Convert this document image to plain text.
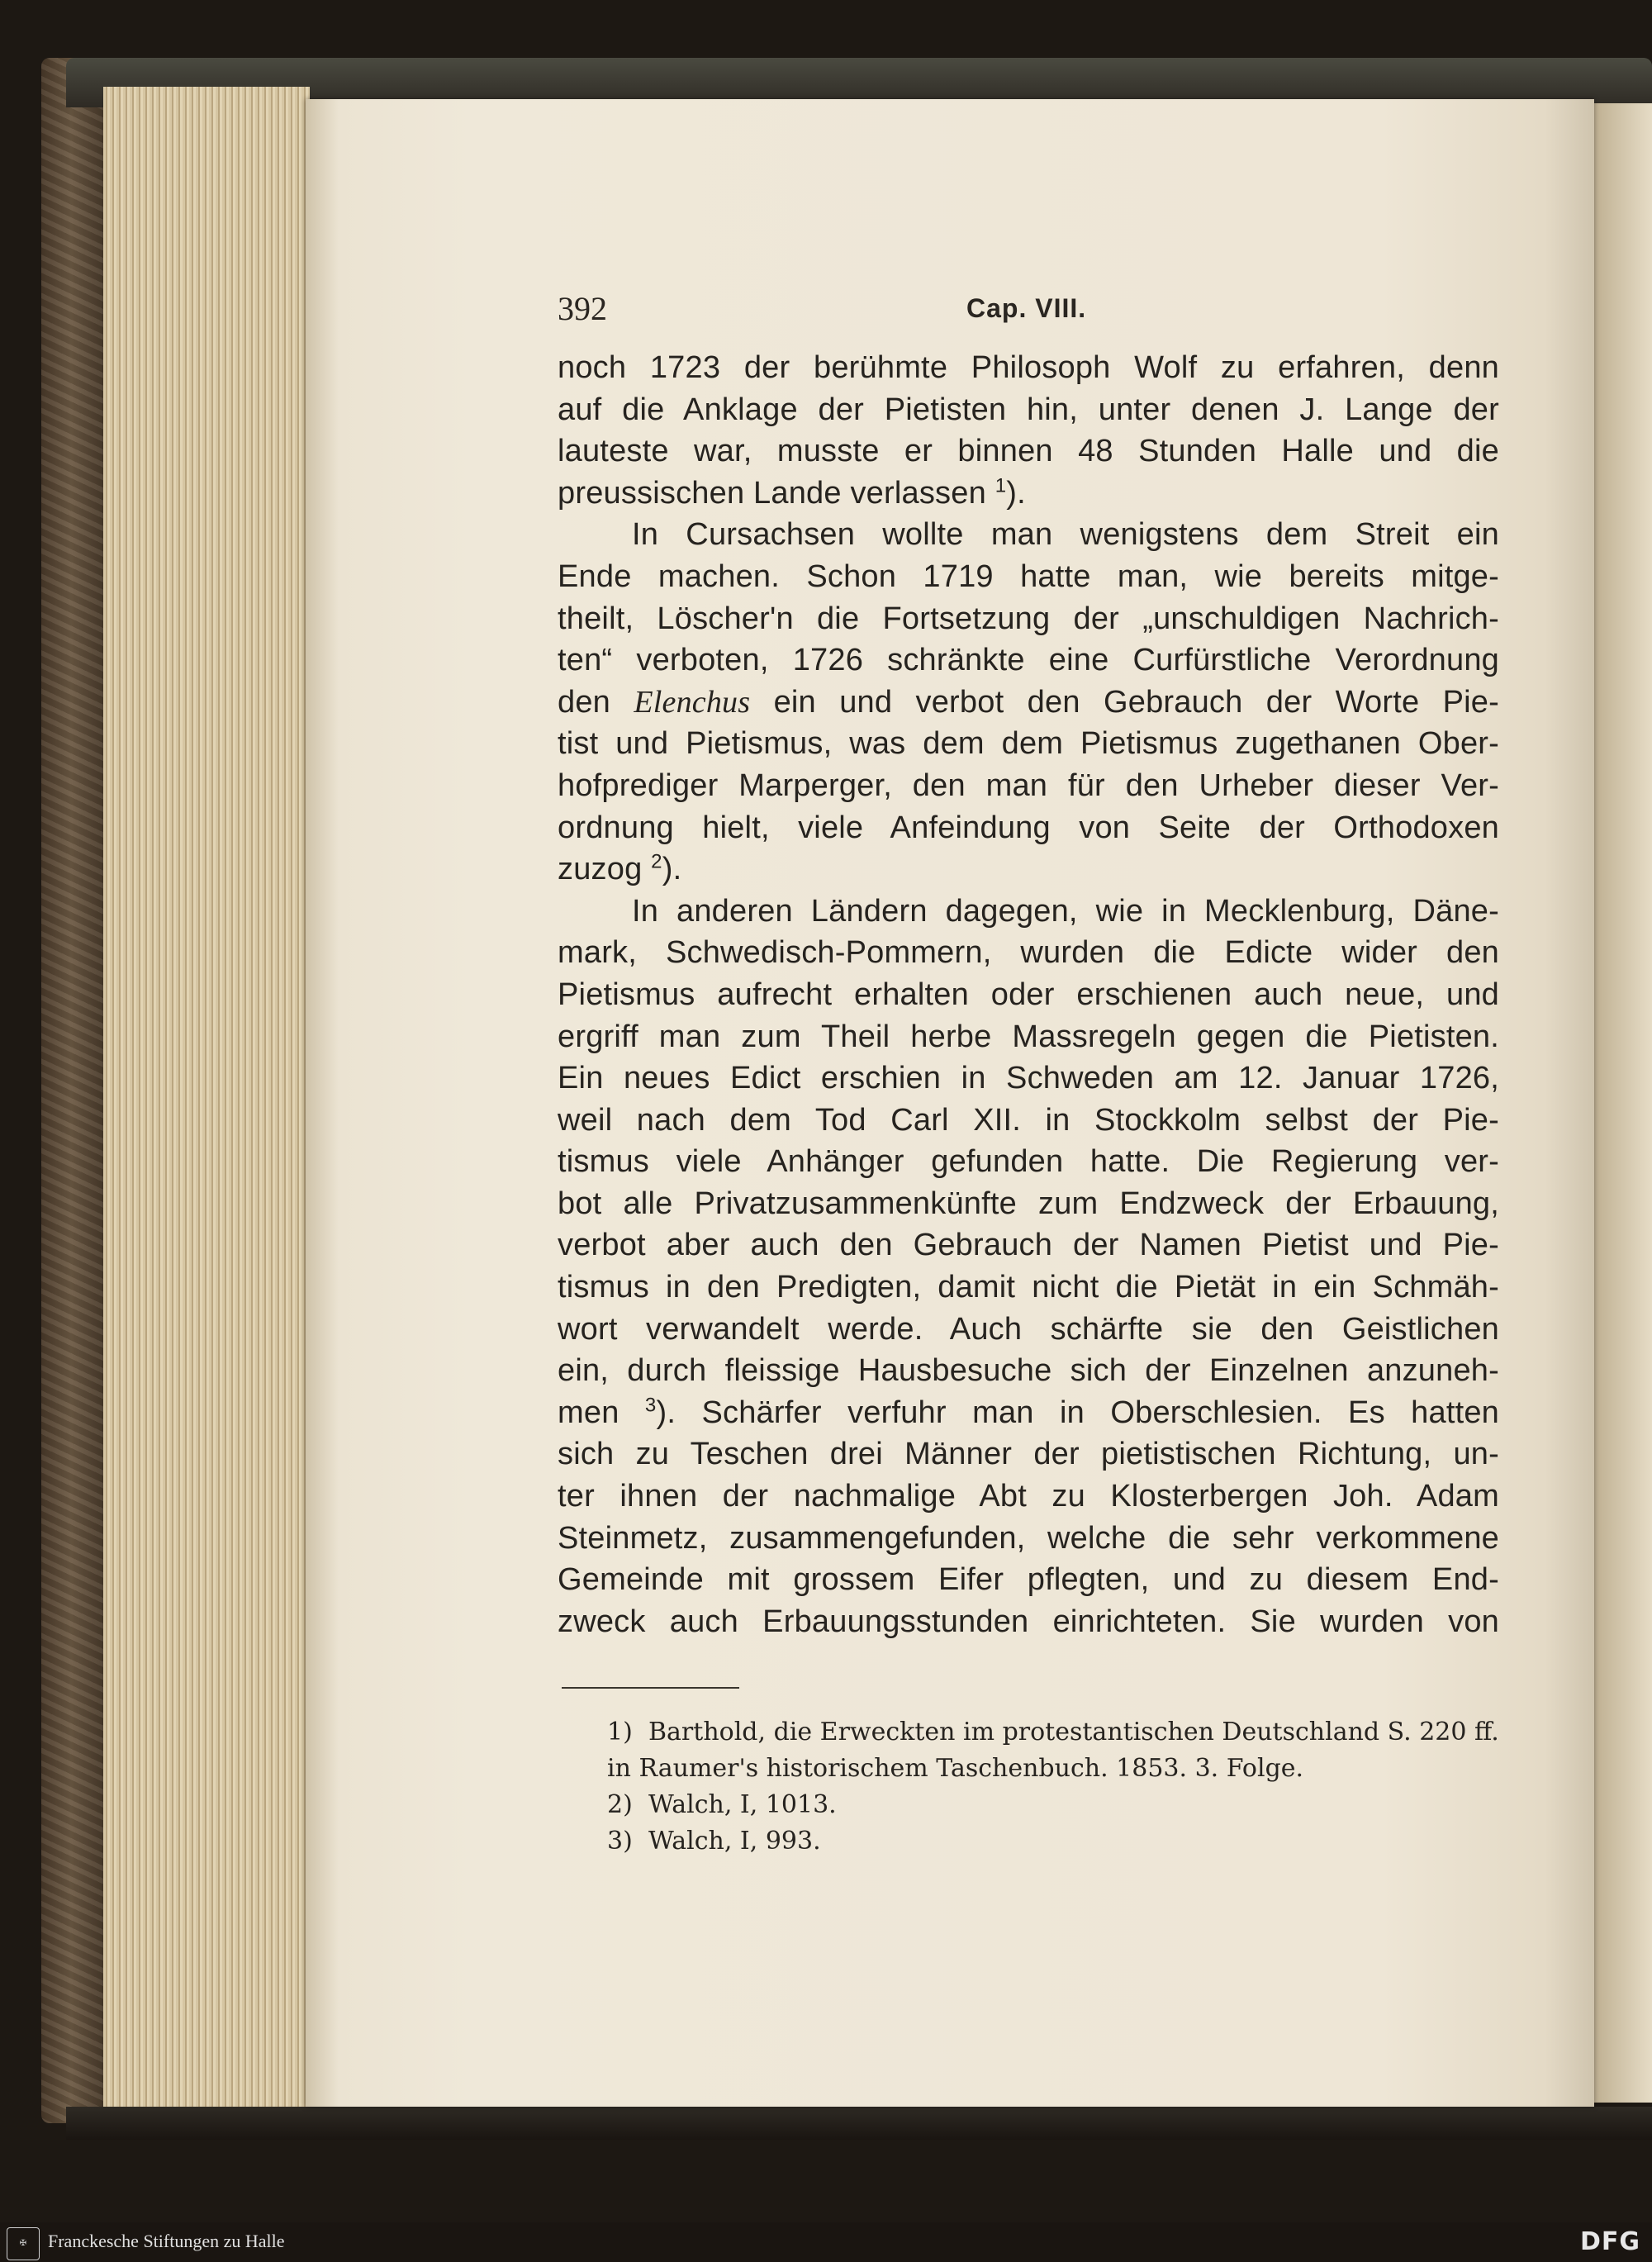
392	Cap. VIII.
noch 1723 der berühmte Philosoph Wolf zu erfahren, denn
auf die Anklage der Pietisten hin, unter denen J. Lange der
lauteste war, musste er binnen 48 Stunden Halle und die
preussischen Lande verlassen $^1$).
In Cursachsen wollte man wenigstens dem Streit ein
Ende machen. Schon 1719 hatte man, wie bereits mitge-
theilt, Löscher'n die Fortsetzung der „unschuldigen Nachrich-
ten“ verboten, 1726 schränkte eine Curfürstliche Verordnung
den Elenchus ein und verbot den Gebrauch der Worte Pie-
tist und Pietismus, was dem dem Pietismus zugethanen Ober-
hofprediger Marperger, den man für den Urheber dieser Ver-
ordnung hielt, viele Anfeindung von Seite der Orthodoxen
zuzog $^2$).
In anderen Ländern dagegen, wie in Mecklenburg, Däne-
mark, Schwedisch-Pommern, wurden die Edicte wider den
Pietismus aufrecht erhalten oder erschienen auch neue, und
ergriff man zum Theil herbe Massregeln gegen die Pietisten.
Ein neues Edict erschien in Schweden am 12. Januar 1726,
weil nach dem Tod Carl XII. in Stockkolm selbst der Pie-
tismus viele Anhänger gefunden hatte. Die Regierung ver-
bot alle Privatzusammenkünfte zum Endzweck der Erbauung,
verbot aber auch den Gebrauch der Namen Pietist und Pie-
tismus in den Predigten, damit nicht die Pietät in ein Schmäh-
wort verwandelt werde. Auch schärfte sie den Geistlichen
ein, durch fleissige Hausbesuche sich der Einzelnen anzuneh-
men $^3$). Schärfer verfuhr man in Oberschlesien. Es hatten
sich zu Teschen drei Männer der pietistischen Richtung, un-
ter ihnen der nachmalige Abt zu Klosterbergen Joh. Adam
Steinmetz, zusammengefunden, welche die sehr verkommene
Gemeinde mit grossem Eifer pflegten, und zu diesem End-
zweck auch Erbauungsstunden einrichteten. Sie wurden von
1) Barthold, die Erweckten im protestantischen Deutschland S. 220 ff.
in Raumer's historischem Taschenbuch. 1853. 3. Folge.
2) Walch, I, 1013.
3) Walch, I, 993.
✠	Franckesche Stiftungen zu Halle	DFG
